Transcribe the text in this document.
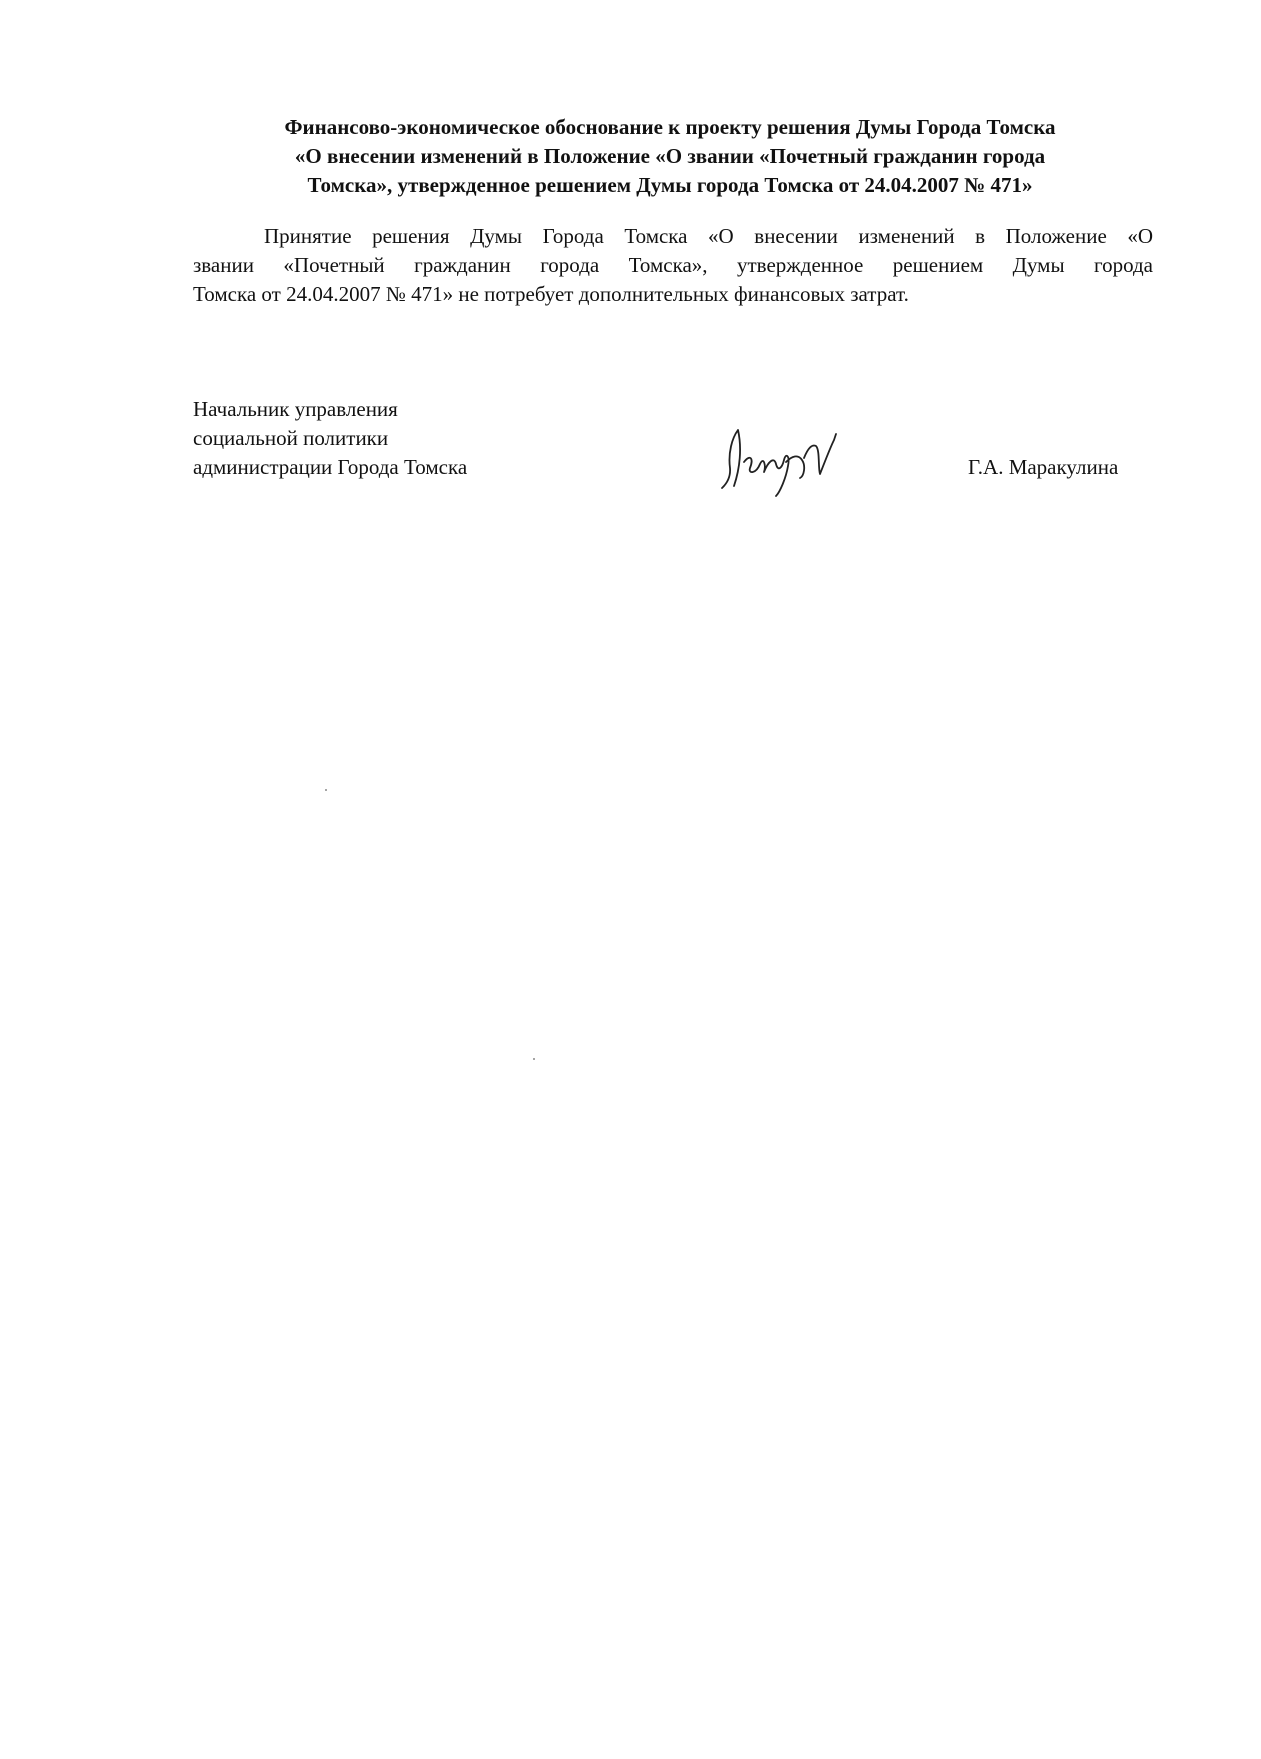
Финансово-экономическое обоснование к проекту решения Думы Города Томска
«О внесении изменений в Положение «О звании «Почетный гражданин города
Томска», утвержденное решением Думы города Томска от 24.04.2007 № 471»

Принятие решения Думы Города Томска «О внесении изменений в Положение «О
звании «Почетный гражданин города Томска», утвержденное решением Думы города
Томска от 24.04.2007 № 471» не потребует дополнительных финансовых затрат.

Начальник управления
социальной политики
администрации Города Томска	Г.А. Маракулина
